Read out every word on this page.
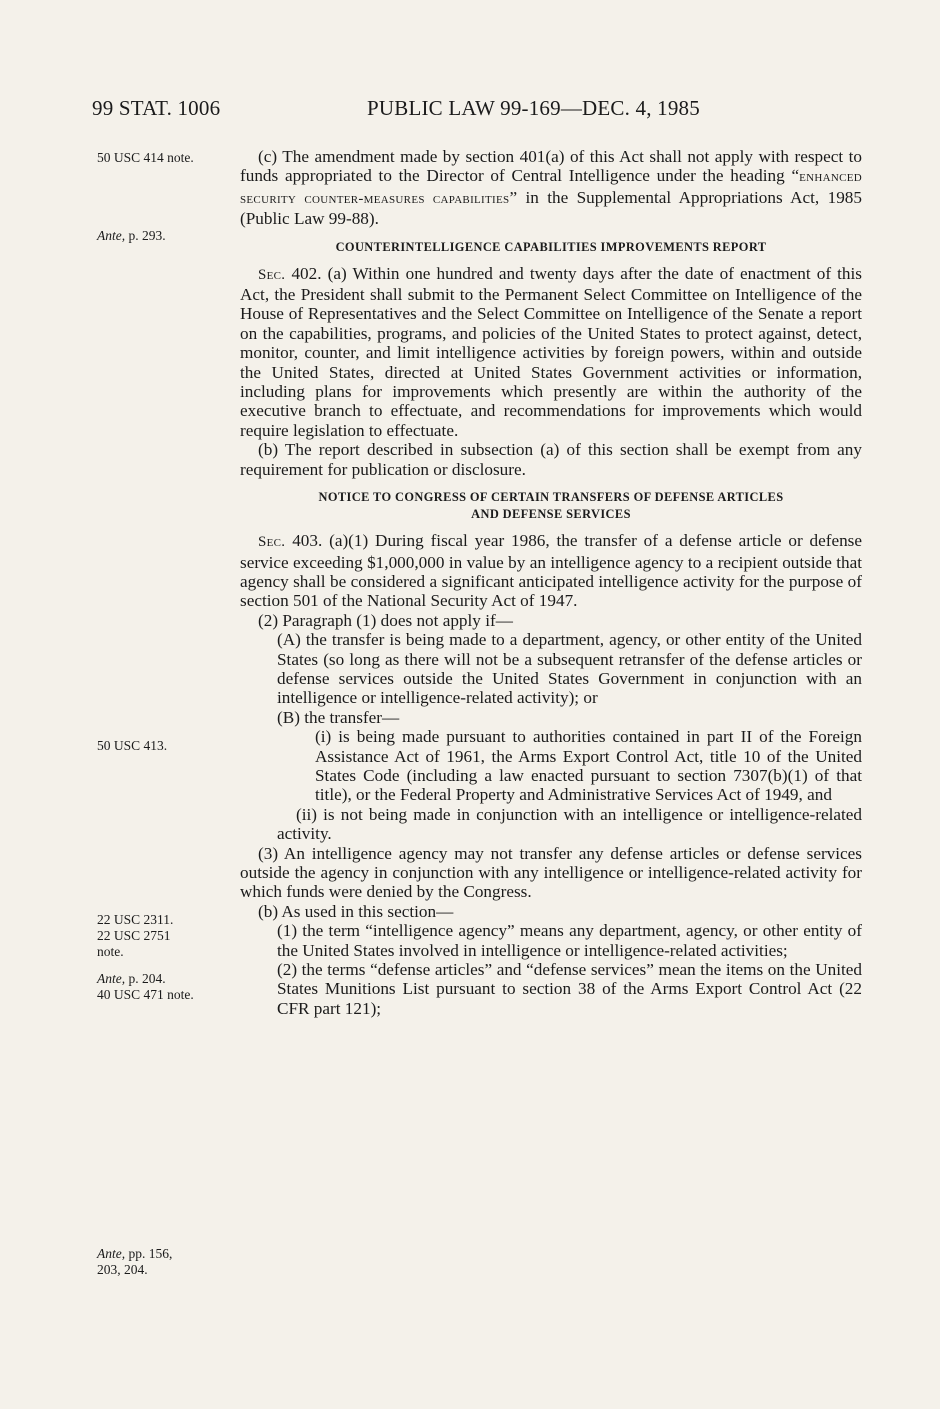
99 STAT. 1006	PUBLIC LAW 99-169—DEC. 4, 1985
50 USC 414 note.
Ante, p. 293.
50 USC 413.
22 USC 2311.
22 USC 2751
note.
Ante, p. 204.
40 USC 471 note.
Ante, pp. 156,
203, 204.

(c) The amendment made by section 401(a) of this Act shall not apply with respect to funds appropriated to the Director of Central Intelligence under the heading “enhanced security counter-measures capabilities” in the Supplemental Appropriations Act, 1985 (Public Law 99-88).

COUNTERINTELLIGENCE CAPABILITIES IMPROVEMENTS REPORT

Sec. 402. (a) Within one hundred and twenty days after the date of enactment of this Act, the President shall submit to the Permanent Select Committee on Intelligence of the House of Representatives and the Select Committee on Intelligence of the Senate a report on the capabilities, programs, and policies of the United States to protect against, detect, monitor, counter, and limit intelligence activities by foreign powers, within and outside the United States, directed at United States Government activities or information, including plans for improvements which presently are within the authority of the executive branch to effectuate, and recommendations for improvements which would require legislation to effectuate.

(b) The report described in subsection (a) of this section shall be exempt from any requirement for publication or disclosure.

NOTICE TO CONGRESS OF CERTAIN TRANSFERS OF DEFENSE ARTICLES
AND DEFENSE SERVICES

Sec. 403. (a)(1) During fiscal year 1986, the transfer of a defense article or defense service exceeding $1,000,000 in value by an intelligence agency to a recipient outside that agency shall be considered a significant anticipated intelligence activity for the purpose of section 501 of the National Security Act of 1947.

(2) Paragraph (1) does not apply if—

(A) the transfer is being made to a department, agency, or other entity of the United States (so long as there will not be a subsequent retransfer of the defense articles or defense services outside the United States Government in conjunction with an intelligence or intelligence-related activity); or

(B) the transfer—

(i) is being made pursuant to authorities contained in part II of the Foreign Assistance Act of 1961, the Arms Export Control Act, title 10 of the United States Code (including a law enacted pursuant to section 7307(b)(1) of that title), or the Federal Property and Administrative Services Act of 1949, and

(ii) is not being made in conjunction with an intelligence or intelligence-related activity.

(3) An intelligence agency may not transfer any defense articles or defense services outside the agency in conjunction with any intelligence or intelligence-related activity for which funds were denied by the Congress.

(b) As used in this section—

(1) the term “intelligence agency” means any department, agency, or other entity of the United States involved in intelligence or intelligence-related activities;

(2) the terms “defense articles” and “defense services” mean the items on the United States Munitions List pursuant to section 38 of the Arms Export Control Act (22 CFR part 121);
